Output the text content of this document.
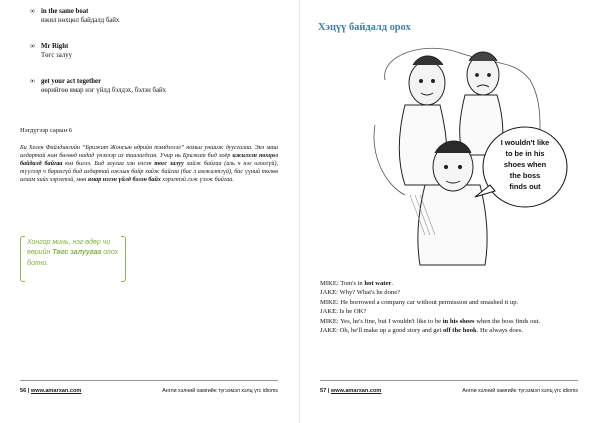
∞ in the same boat
ижил нөхцөл байдалд байх
∞ Mr Right
Төгс залуу
∞ get your act together
өөрийгөө ямар нэг үйлд бэлдэх, бэлэн байх
Нэгдүгээр сарын 6

Би Хелен Файлдингийн “Брижит Жонсын өдрийн тэмдэглэл” номыг уншиж дуусгалаа. Энэ маш алдартай ном бөгөөд надад үнэхээр их таалагдсан. Учир нь Брижит бид хоёр ижилхэн нөхцөл байдалд байгаа юм билээ. Бид хоулаа хэн нэгэн төгс залуу хайж байгаа (аль ч нэг олоогүй), түүгээр ч барахгүй бид алдартай ажлын байр хайж байгаа (бас л амжилтгүй), бас үүний төлөө алхам хийх хэрэгтэй, мөн ямар нэгэн үйлд бэлэн байх хэрэгтэй гэж үзэж байгаа.

Хонгор минь, нэг өдөр чи өөрийн Төгс залуугаа олох болно.
56 | www.amarxan.com	Англи хэлний хамгийн түгээмэл хэлц үгс idioms
Хэцүү байдалд орох
I wouldn't like
to be in his
shoes when
the boss
finds out
MIKE: Tom's in hot water.
JAKE: Why? What's he done?
MIKE: He borrowed a company car without permission and smashed it up.
JAKE: Is he OK?
MIKE: Yes, he's fine, but I wouldn't like to be in his shoes when the boss finds out.
JAKE: Oh, he'll make up a good story and get off the hook. He always does.
57 | www.amarxan.com	Англи хэлний хамгийн түгээмэл хэлц үгс idioms
